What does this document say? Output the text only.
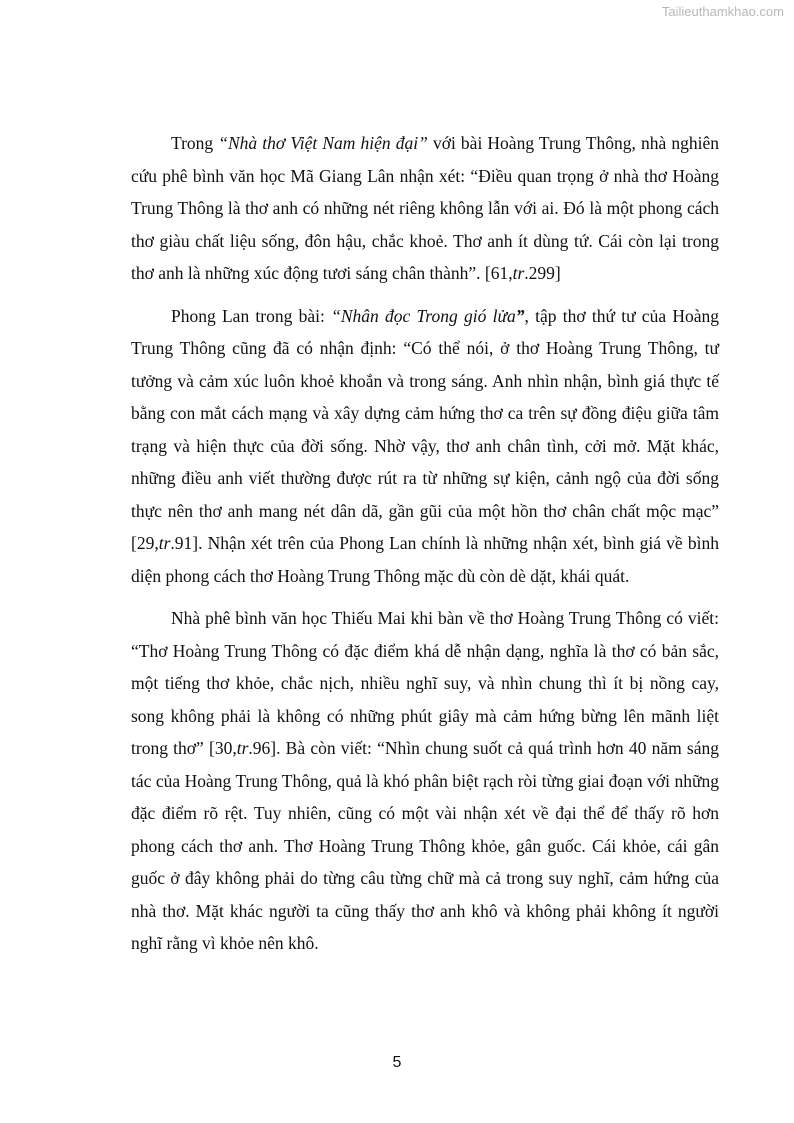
Tailieuthamkhao.com

Trong “Nhà thơ Việt Nam hiện đại” với bài Hoàng Trung Thông, nhà nghiên cứu phê bình văn học Mã Giang Lân nhận xét: “Điều quan trọng ở nhà thơ Hoàng Trung Thông là thơ anh có những nét riêng không lẫn với ai. Đó là một phong cách thơ giàu chất liệu sống, đôn hậu, chắc khoẻ. Thơ anh ít dùng tứ. Cái còn lại trong thơ anh là những xúc động tươi sáng chân thành”. [61,tr.299]

Phong Lan trong bài: “Nhân đọc Trong gió lửa”, tập thơ thứ tư của Hoàng Trung Thông cũng đã có nhận định: “Có thể nói, ở thơ Hoàng Trung Thông, tư tưởng và cảm xúc luôn khoẻ khoắn và trong sáng. Anh nhìn nhận, bình giá thực tế bằng con mắt cách mạng và xây dựng cảm hứng thơ ca trên sự đồng điệu giữa tâm trạng và hiện thực của đời sống. Nhờ vậy, thơ anh chân tình, cởi mở. Mặt khác, những điều anh viết thường được rút ra từ những sự kiện, cảnh ngộ của đời sống thực nên thơ anh mang nét dân dã, gần gũi của một hồn thơ chân chất mộc mạc” [29,tr.91]. Nhận xét trên của Phong Lan chính là những nhận xét, bình giá về bình diện phong cách thơ Hoàng Trung Thông mặc dù còn dè dặt, khái quát.

Nhà phê bình văn học Thiếu Mai khi bàn về thơ Hoàng Trung Thông có viết: “Thơ Hoàng Trung Thông có đặc điểm khá dễ nhận dạng, nghĩa là thơ có bản sắc, một tiếng thơ khỏe, chắc nịch, nhiều nghĩ suy, và nhìn chung thì ít bị nồng cay, song không phải là không có những phút giây mà cảm hứng bừng lên mãnh liệt trong thơ” [30,tr.96]. Bà còn viết: “Nhìn chung suốt cả quá trình hơn 40 năm sáng tác của Hoàng Trung Thông, quả là khó phân biệt rạch ròi từng giai đoạn với những đặc điểm rõ rệt. Tuy nhiên, cũng có một vài nhận xét về đại thể để thấy rõ hơn phong cách thơ anh. Thơ Hoàng Trung Thông khỏe, gân guốc. Cái khỏe, cái gân guốc ở đây không phải do từng câu từng chữ mà cả trong suy nghĩ, cảm hứng của nhà thơ. Mặt khác người ta cũng thấy thơ anh khô và không phải không ít người nghĩ rằng vì khỏe nên khô.

5
